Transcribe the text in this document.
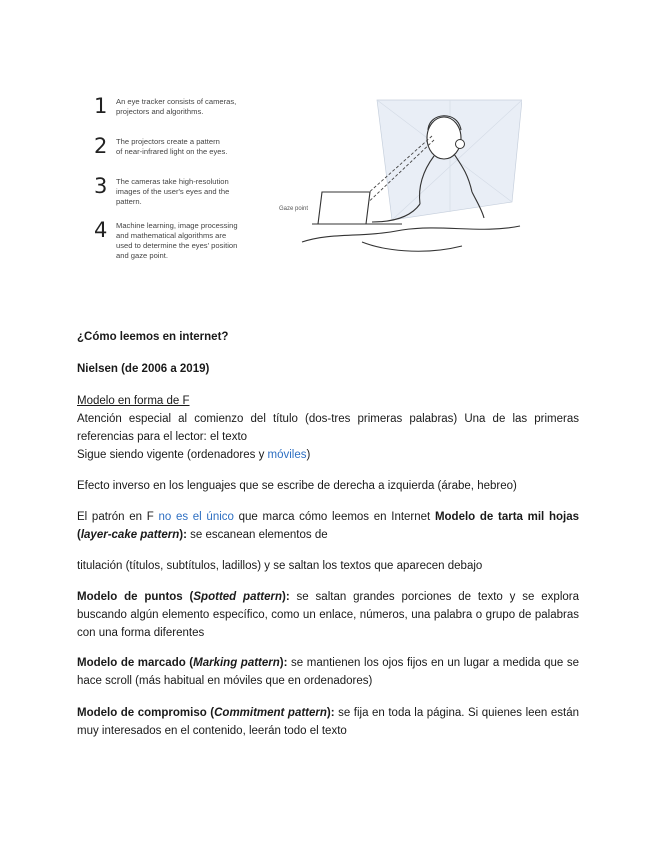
1 An eye tracker consists of cameras,
projectors and algorithms.
2 The projectors create a pattern
of near-infrared light on the eyes.
3 The cameras take high-resolution
images of the user's eyes and the
pattern.
4 Machine learning, image processing
and mathematical algorithms are
used to determine the eyes' position
and gaze point.
Gaze point

¿Cómo leemos en internet?

Nielsen (de 2006 a 2019)

Modelo en forma de F

Atención especial al comienzo del título (dos-tres primeras palabras) Una de las primeras referencias para el lector: el texto

Sigue siendo vigente (ordenadores y móviles)

Efecto inverso en los lenguajes que se escribe de derecha a izquierda (árabe, hebreo)

El patrón en F no es el único que marca cómo leemos en Internet Modelo de tarta mil hojas (layer-cake pattern): se escanean elementos de

titulación (títulos, subtítulos, ladillos) y se saltan los textos que aparecen debajo

Modelo de puntos (Spotted pattern): se saltan grandes porciones de texto y se explora buscando algún elemento específico, como un enlace, números, una palabra o grupo de palabras con una forma diferentes

Modelo de marcado (Marking pattern): se mantienen los ojos fijos en un lugar a medida que se hace scroll (más habitual en móviles que en ordenadores)

Modelo de compromiso (Commitment pattern): se fija en toda la página. Si quienes leen están muy interesados en el contenido, leerán todo el texto
